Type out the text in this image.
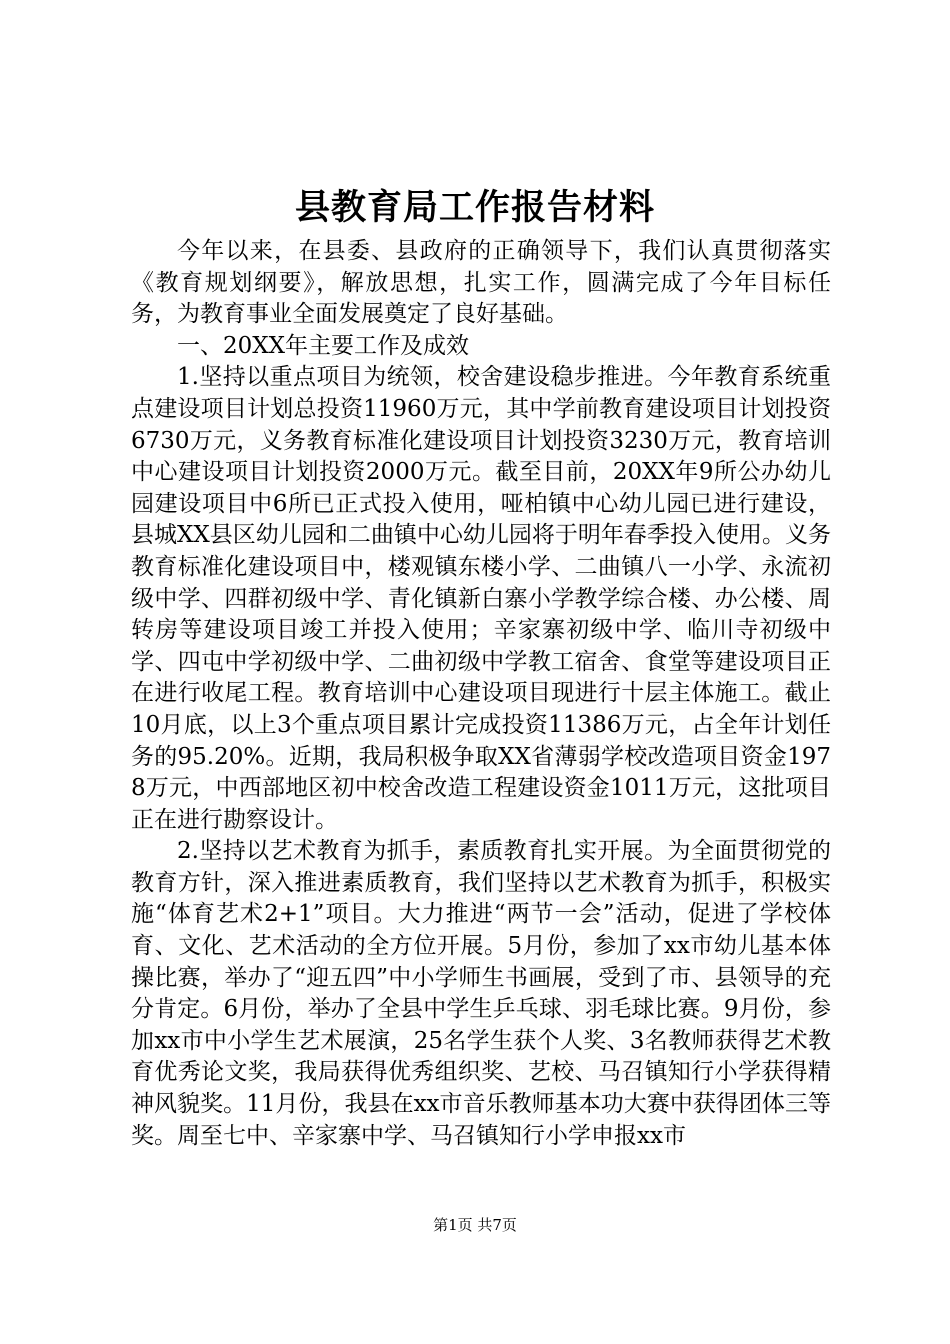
县教育局工作报告材料

今年以来，在县委、县政府的正确领导下，我们认真贯彻落实《教育规划纲要》，解放思想，扎实工作，圆满完成了今年目标任务，为教育事业全面发展奠定了良好基础。

一、20XX年主要工作及成效

1.坚持以重点项目为统领，校舍建设稳步推进。今年教育系统重点建设项目计划总投资11960万元，其中学前教育建设项目计划投资6730万元，义务教育标准化建设项目计划投资3230万元，教育培训中心建设项目计划投资2000万元。截至目前，20XX年9所公办幼儿园建设项目中6所已正式投入使用，哑柏镇中心幼儿园已进行建设，县城XX县区幼儿园和二曲镇中心幼儿园将于明年春季投入使用。义务教育标准化建设项目中，楼观镇东楼小学、二曲镇八一小学、永流初级中学、四群初级中学、青化镇新白寨小学教学综合楼、办公楼、周转房等建设项目竣工并投入使用；辛家寨初级中学、临川寺初级中学、四屯中学初级中学、二曲初级中学教工宿舍、食堂等建设项目正在进行收尾工程。教育培训中心建设项目现进行十层主体施工。截止10月底，以上3个重点项目累计完成投资11386万元，占全年计划任务的95.20%。近期，我局积极争取XX省薄弱学校改造项目资金1978万元，中西部地区初中校舍改造工程建设资金1011万元，这批项目正在进行勘察设计。

2.坚持以艺术教育为抓手，素质教育扎实开展。为全面贯彻党的教育方针，深入推进素质教育，我们坚持以艺术教育为抓手，积极实施“体育艺术2+1”项目。大力推进“两节一会”活动，促进了学校体育、文化、艺术活动的全方位开展。5月份，参加了xx市幼儿基本体操比赛，举办了“迎五四”中小学师生书画展，受到了市、县领导的充分肯定。6月份，举办了全县中学生乒乓球、羽毛球比赛。9月份，参加xx市中小学生艺术展演，25名学生获个人奖、3名教师获得艺术教育优秀论文奖，我局获得优秀组织奖、艺校、马召镇知行小学获得精神风貌奖。11月份，我县在xx市音乐教师基本功大赛中获得团体三等奖。周至七中、辛家寨中学、马召镇知行小学申报xx市

第1页 共7页
